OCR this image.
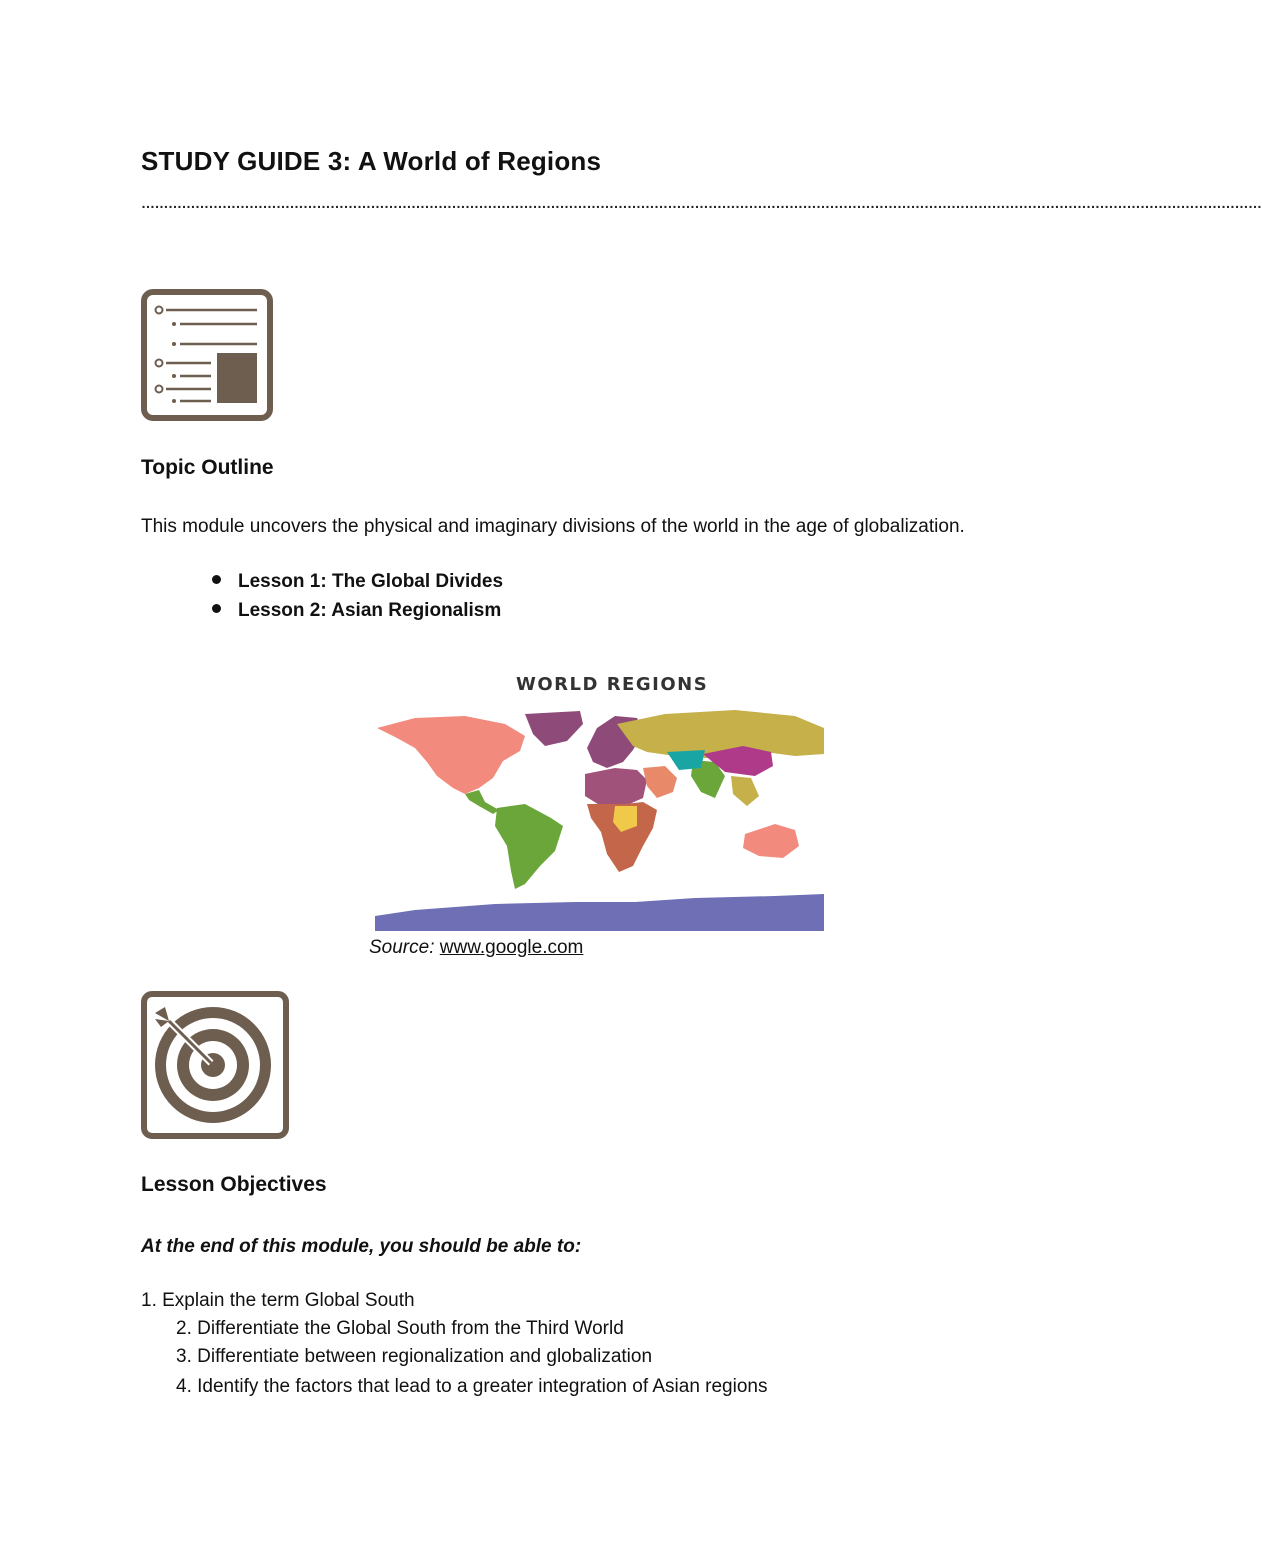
STUDY GUIDE 3: A World of Regions
……………………………………………………………………………………………………………………………………………………………………………………………………………………………
Topic Outline
This module uncovers the physical and imaginary divisions of the world in the age of globalization.
Lesson 1: The Global Divides
Lesson 2: Asian Regionalism
WORLD REGIONS
Source: www.google.com
Lesson Objectives
At the end of this module, you should be able to:
1. Explain the term Global South
2. Differentiate the Global South from the Third World
3. Differentiate between regionalization and globalization
4. Identify the factors that lead to a greater integration of Asian regions
